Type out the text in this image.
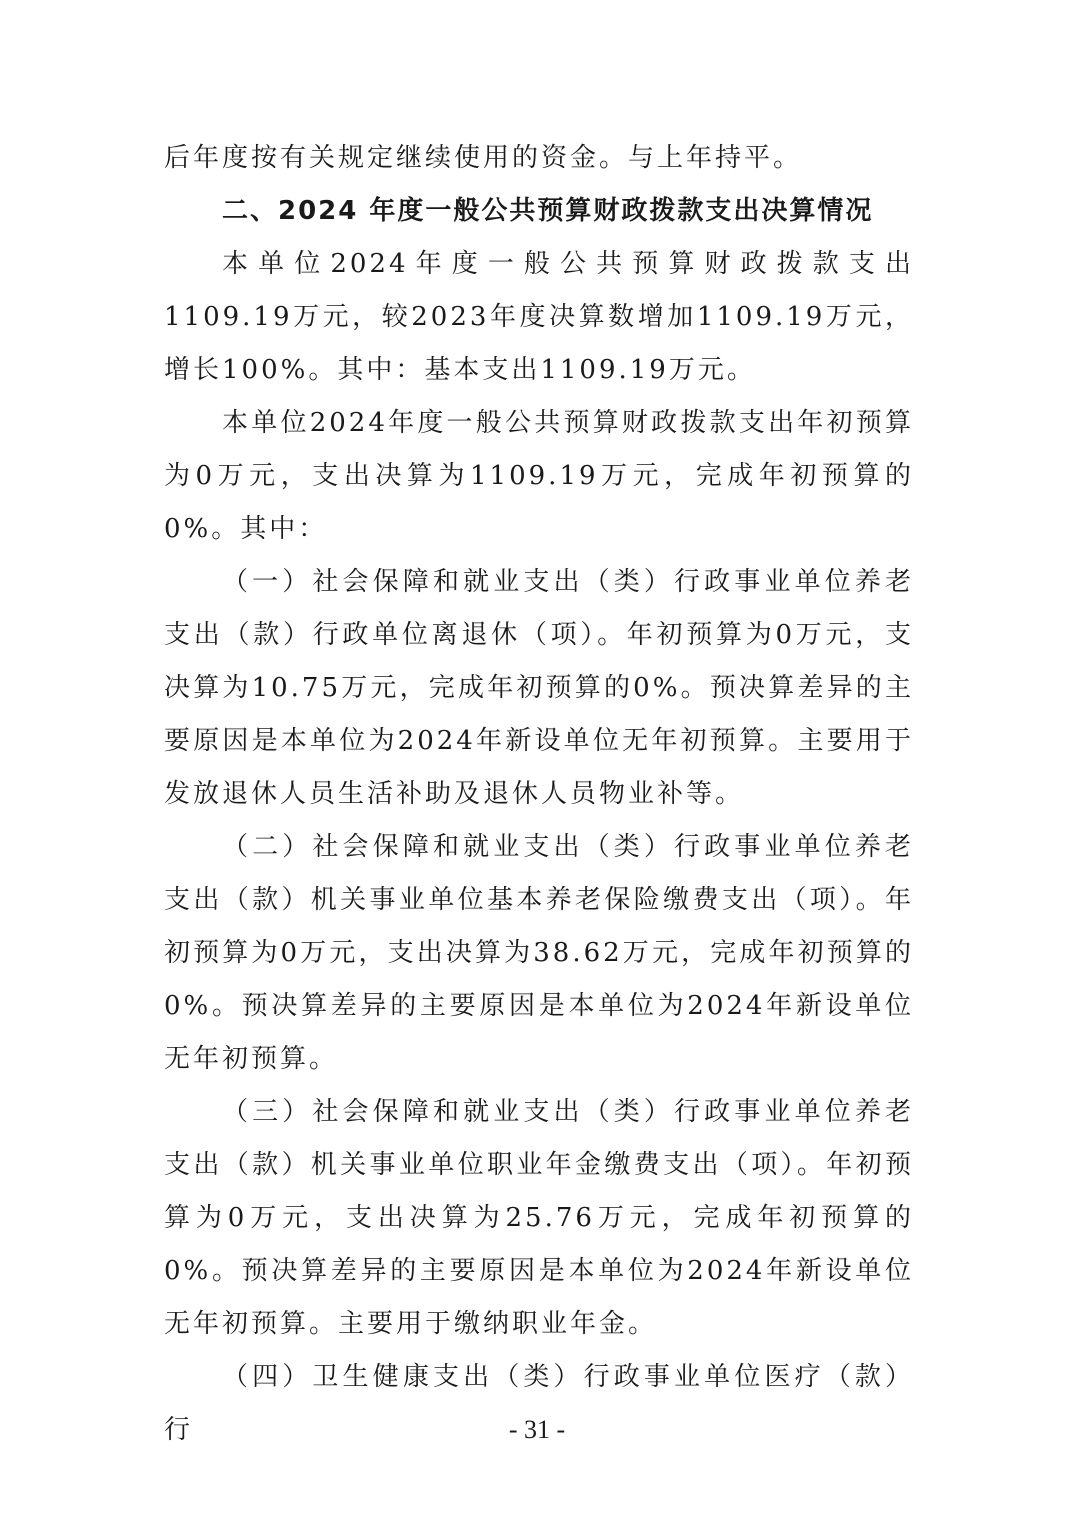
后年度按有关规定继续使用的资金。与上年持平。

二、2024 年度一般公共预算财政拨款支出决算情况

本单位2024年度一般公共预算财政拨款支出1109.19万元，较2023年度决算数增加1109.19万元，增长100%。其中：基本支出1109.19万元。

本单位2024年度一般公共预算财政拨款支出年初预算为0万元，支出决算为1109.19万元，完成年初预算的0%。其中：

（一）社会保障和就业支出（类）行政事业单位养老支出（款）行政单位离退休（项）。年初预算为0万元，支决算为10.75万元，完成年初预算的0%。预决算差异的主要原因是本单位为2024年新设单位无年初预算。主要用于发放退休人员生活补助及退休人员物业补等。

（二）社会保障和就业支出（类）行政事业单位养老支出（款）机关事业单位基本养老保险缴费支出（项）。年初预算为0万元，支出决算为38.62万元，完成年初预算的0%。预决算差异的主要原因是本单位为2024年新设单位无年初预算。

（三）社会保障和就业支出（类）行政事业单位养老支出（款）机关事业单位职业年金缴费支出（项）。年初预算为0万元，支出决算为25.76万元，完成年初预算的0%。预决算差异的主要原因是本单位为2024年新设单位无年初预算。主要用于缴纳职业年金。

（四）卫生健康支出（类）行政事业单位医疗（款）行	- 31 -
